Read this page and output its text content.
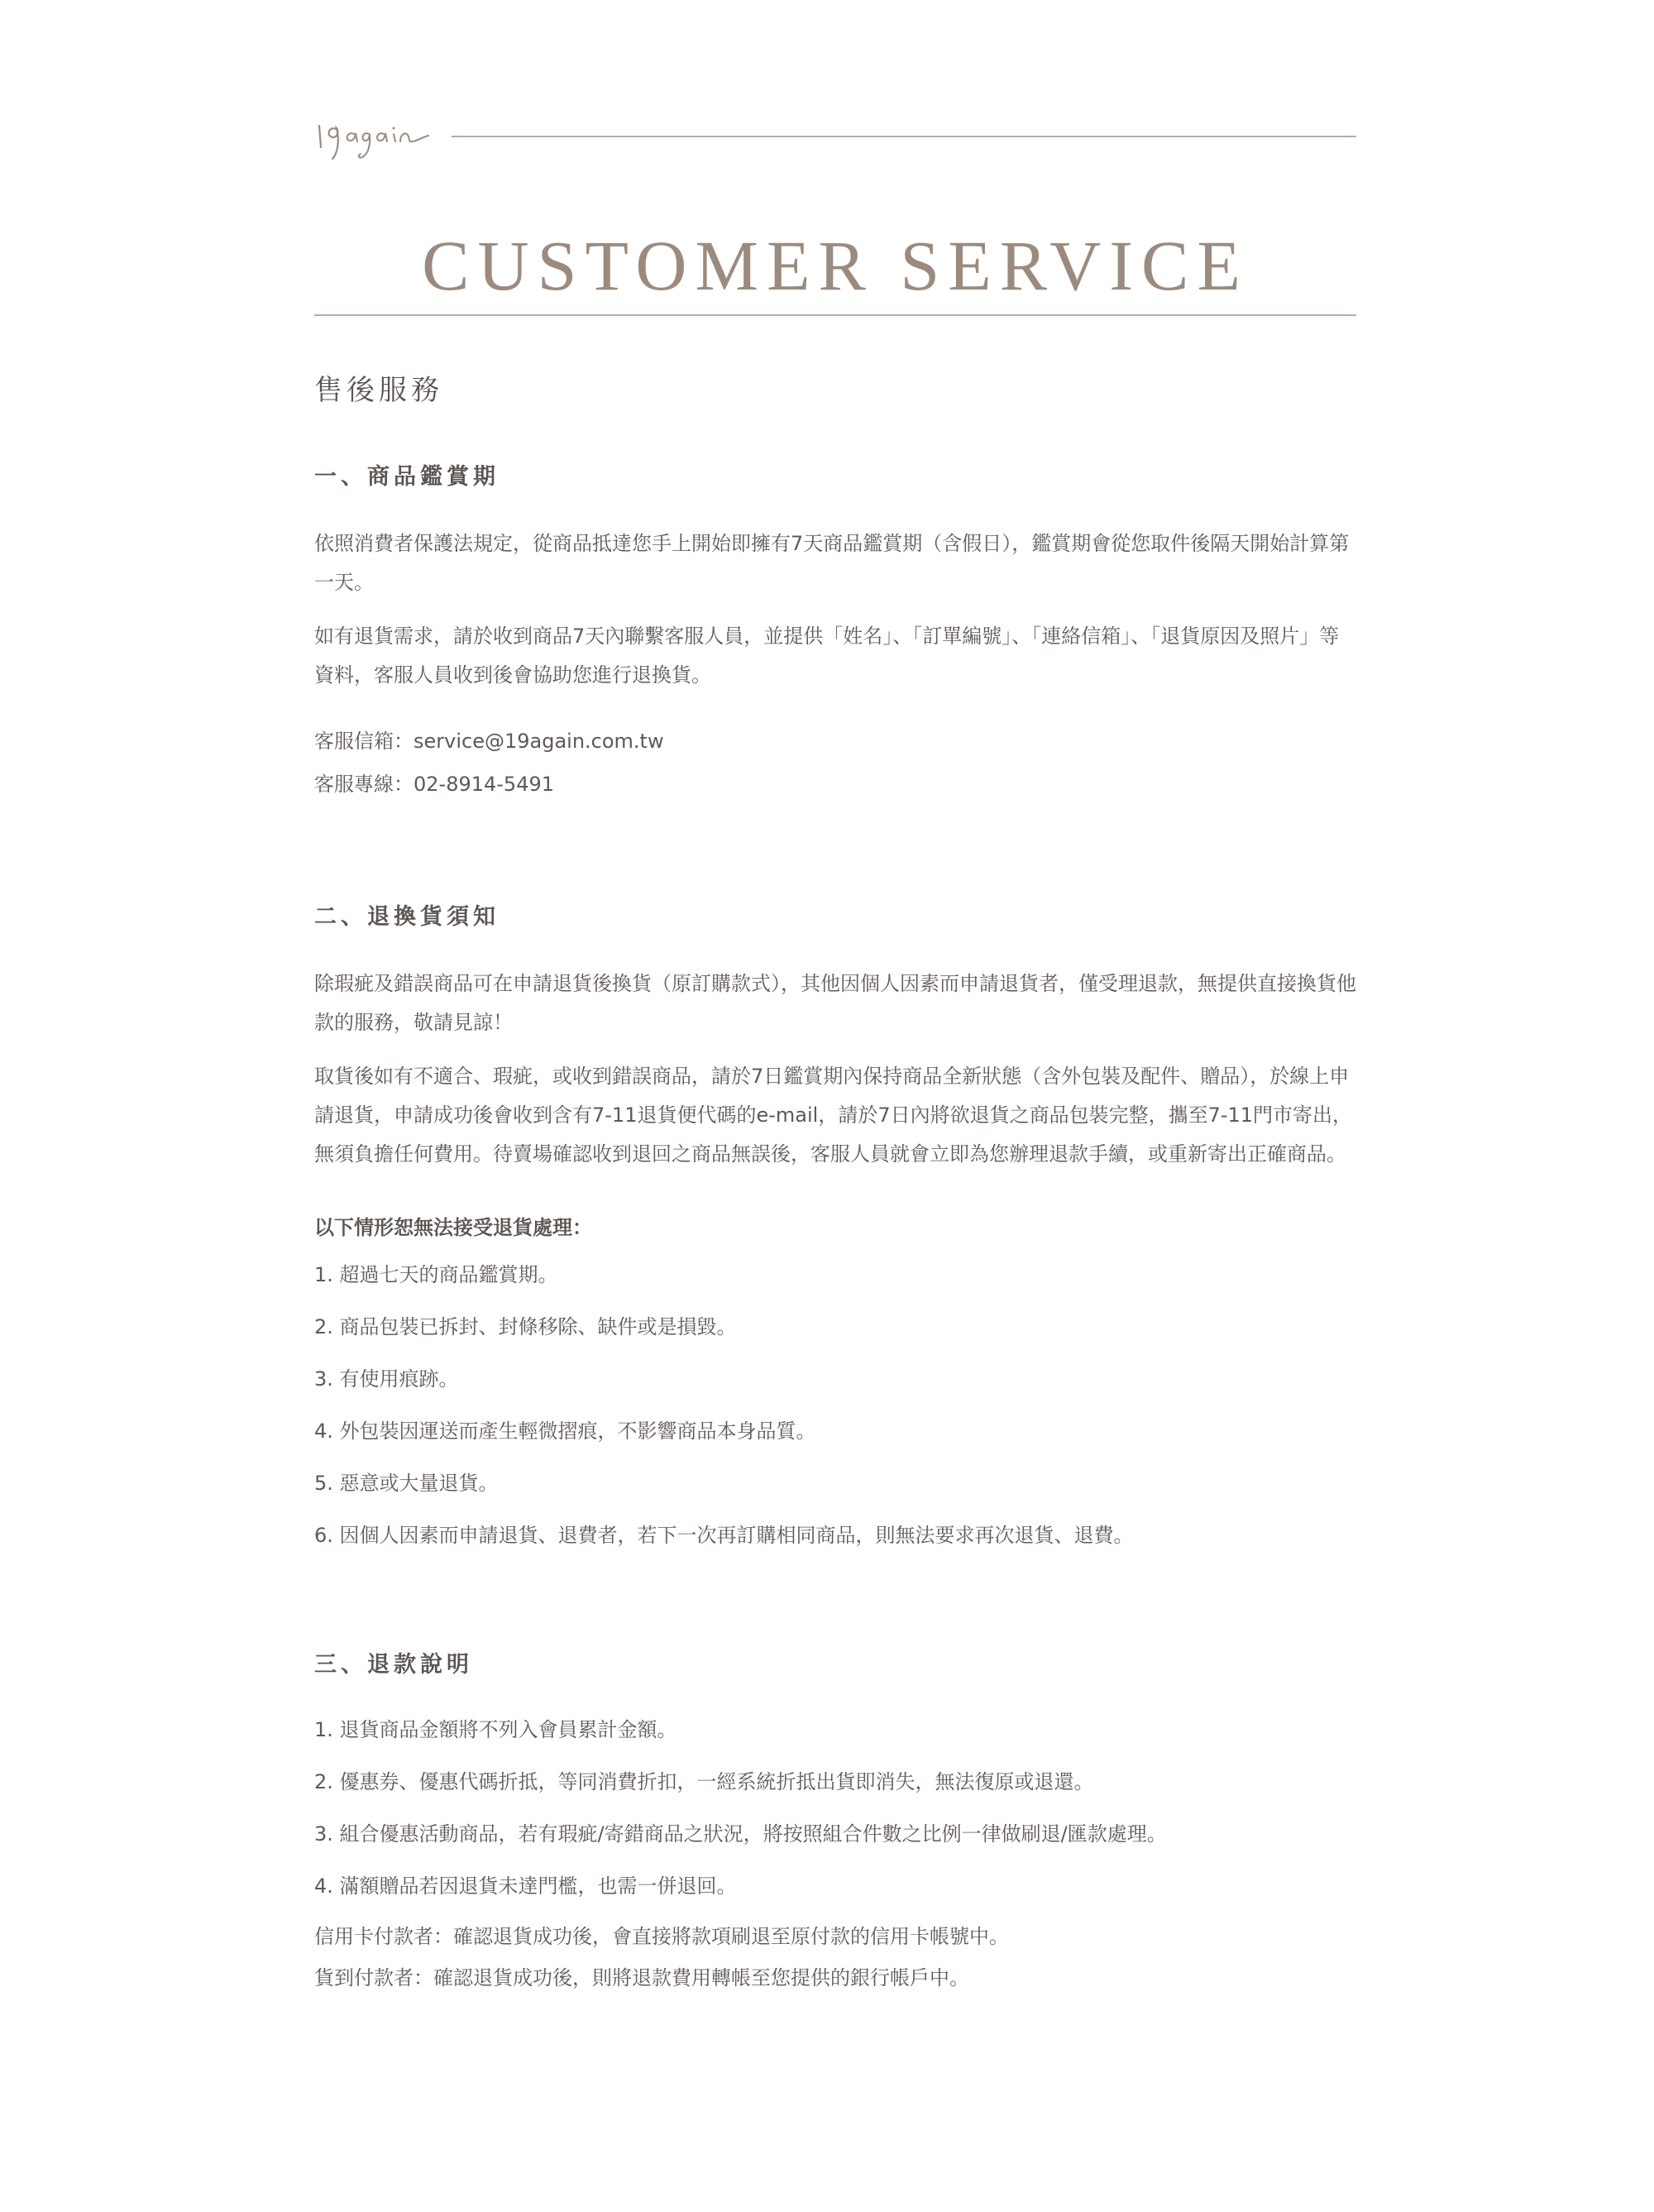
CUSTOMER SERVICE
售後服務
一、商品鑑賞期

依照消費者保護法規定，從商品抵達您手上開始即擁有7天商品鑑賞期（含假日），鑑賞期會從您取件後隔天開始計算第一天。

如有退貨需求，請於收到商品7天內聯繫客服人員，並提供「姓名」、「訂單編號」、「連絡信箱」、「退貨原因及照片」等資料，客服人員收到後會協助您進行退換貨。

客服信箱：service@19again.com.tw

客服專線：02-8914-5491

二、退換貨須知

除瑕疵及錯誤商品可在申請退貨後換貨（原訂購款式），其他因個人因素而申請退貨者，僅受理退款，無提供直接換貨他款的服務，敬請見諒！

取貨後如有不適合、瑕疵，或收到錯誤商品，請於7日鑑賞期內保持商品全新狀態（含外包裝及配件、贈品），於線上申請退貨，申請成功後會收到含有7-11退貨便代碼的e-mail，請於7日內將欲退貨之商品包裝完整，攜至7-11門市寄出，無須負擔任何費用。待賣場確認收到退回之商品無誤後，客服人員就會立即為您辦理退款手續，或重新寄出正確商品。

以下情形恕無法接受退貨處理：

1. 超過七天的商品鑑賞期。

2. 商品包裝已拆封、封條移除、缺件或是損毀。

3. 有使用痕跡。

4. 外包裝因運送而產生輕微摺痕，不影響商品本身品質。

5. 惡意或大量退貨。

6. 因個人因素而申請退貨、退費者，若下一次再訂購相同商品，則無法要求再次退貨、退費。

三、退款說明

1. 退貨商品金額將不列入會員累計金額。

2. 優惠券、優惠代碼折抵，等同消費折扣，一經系統折抵出貨即消失，無法復原或退還。

3. 組合優惠活動商品，若有瑕疵/寄錯商品之狀況，將按照組合件數之比例一律做刷退/匯款處理。

4. 滿額贈品若因退貨未達門檻，也需一併退回。

信用卡付款者：確認退貨成功後，會直接將款項刷退至原付款的信用卡帳號中。

貨到付款者：確認退貨成功後，則將退款費用轉帳至您提供的銀行帳戶中。
